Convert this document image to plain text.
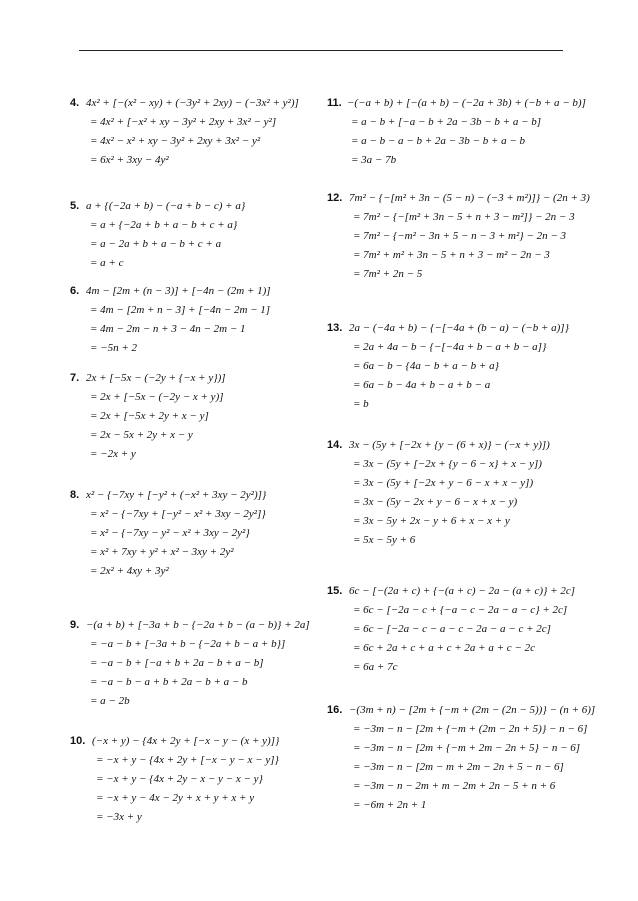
4. 4x² + [−(x² − xy) + (−3y² + 2xy) − (−3x² + y²)]
= 4x² + [−x² + xy − 3y² + 2xy + 3x² − y²]
= 4x² − x² + xy − 3y² + 2xy + 3x² − y²
= 6x² + 3xy − 4y²
5. a + {(−2a + b) − (−a + b − c) + a}
= a + {−2a + b + a − b + c + a}
= a − 2a + b + a − b + c + a
= a + c
6. 4m − [2m + (n − 3)] + [−4n − (2m + 1)]
= 4m − [2m + n − 3] + [−4n − 2m − 1]
= 4m − 2m − n + 3 − 4n − 2m − 1
= −5n + 2
7. 2x + [−5x − (−2y + {−x + y})]
= 2x + [−5x − (−2y − x + y)]
= 2x + [−5x + 2y + x − y]
= 2x − 5x + 2y + x − y
= −2x + y
8. x² − {−7xy + [−y² + (−x² + 3xy − 2y²)]}
= x² − {−7xy + [−y² − x² + 3xy − 2y²]}
= x² − {−7xy − y² − x² + 3xy − 2y²}
= x² + 7xy + y² + x² − 3xy + 2y²
= 2x² + 4xy + 3y²
9. −(a + b) + [−3a + b − {−2a + b − (a − b)} + 2a]
= −a − b + [−3a + b − {−2a + b − a + b}]
= −a − b + [−a + b + 2a − b + a − b]
= −a − b − a + b + 2a − b + a − b
= a − 2b
10. (−x + y) − {4x + 2y + [−x − y − (x + y)]}
= −x + y − {4x + 2y + [−x − y − x − y]}
= −x + y − {4x + 2y − x − y − x − y}
= −x + y − 4x − 2y + x + y + x + y
= −3x + y
11. −(−a + b) + [−(a + b) − (−2a + 3b) + (−b + a − b)]
= a − b + [−a − b + 2a − 3b − b + a − b]
= a − b − a − b + 2a − 3b − b + a − b
= 3a − 7b
12. 7m² − {−[m² + 3n − (5 − n) − (−3 + m²)]} − (2n + 3)
= 7m² − {−[m² + 3n − 5 + n + 3 − m²]} − 2n − 3
= 7m² − {−m² − 3n + 5 − n − 3 + m²} − 2n − 3
= 7m² + m² + 3n − 5 + n + 3 − m² − 2n − 3
= 7m² + 2n − 5
13. 2a − (−4a + b) − {−[−4a + (b − a) − (−b + a)]}
= 2a + 4a − b − {−[−4a + b − a + b − a]}
= 6a − b − {4a − b + a − b + a}
= 6a − b − 4a + b − a + b − a
= b
14. 3x − (5y + [−2x + {y − (6 + x)} − (−x + y)])
= 3x − (5y + [−2x + {y − 6 − x} + x − y])
= 3x − (5y + [−2x + y − 6 − x + x − y])
= 3x − (5y − 2x + y − 6 − x + x − y)
= 3x − 5y + 2x − y + 6 + x − x + y
= 5x − 5y + 6
15. 6c − [−(2a + c) + {−(a + c) − 2a − (a + c)} + 2c]
= 6c − [−2a − c + {−a − c − 2a − a − c} + 2c]
= 6c − [−2a − c − a − c − 2a − a − c + 2c]
= 6c + 2a + c + a + c + 2a + a + c − 2c
= 6a + 7c
16. −(3m + n) − [2m + {−m + (2m − (2n − 5))} − (n + 6)]
= −3m − n − [2m + {−m + (2m − 2n + 5)} − n − 6]
= −3m − n − [2m + {−m + 2m − 2n + 5} − n − 6]
= −3m − n − [2m − m + 2m − 2n + 5 − n − 6]
= −3m − n − 2m + m − 2m + 2n − 5 + n + 6
= −6m + 2n + 1
